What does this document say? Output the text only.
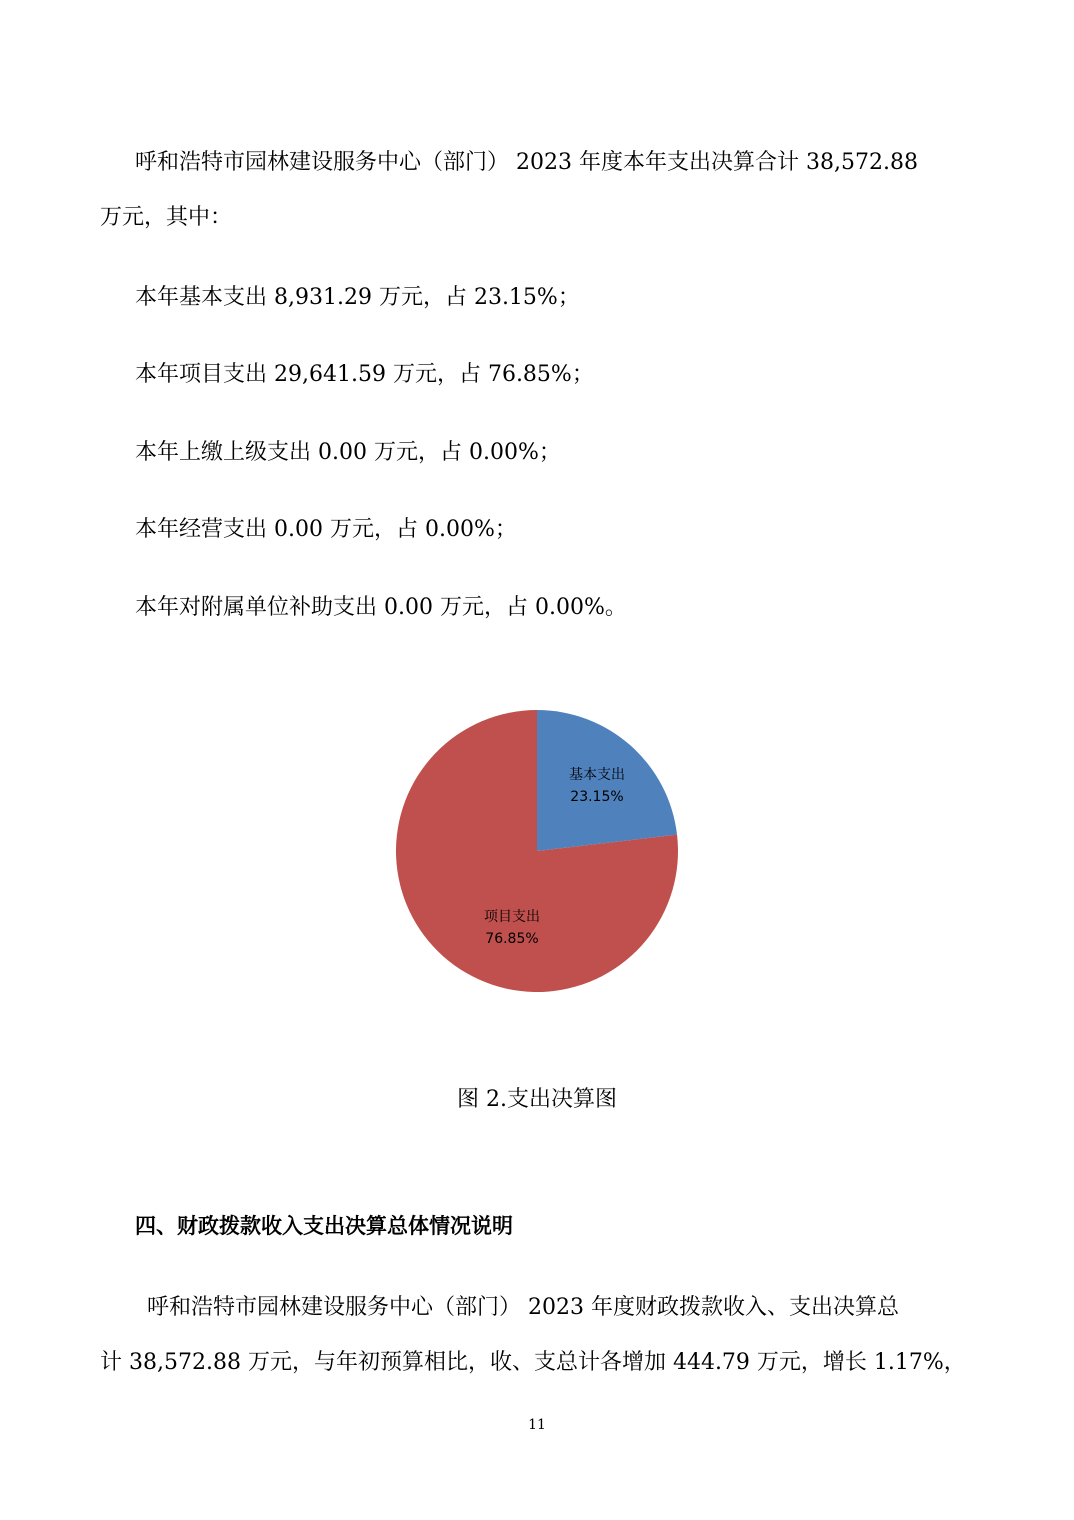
呼和浩特市园林建设服务中心（部门） 2023 年度本年支出决算合计 38,572.88
万元，其中：
本年基本支出 8,931.29 万元，占 23.15%；
本年项目支出 29,641.59 万元，占 76.85%；
本年上缴上级支出 0.00 万元，占 0.00%；
本年经营支出 0.00 万元，占 0.00%；
本年对附属单位补助支出 0.00 万元，占 0.00%。
基本支出
23.15%
项目支出
76.85%
图 2.支出决算图
四、财政拨款收入支出决算总体情况说明
呼和浩特市园林建设服务中心（部门） 2023 年度财政拨款收入、支出决算总
计 38,572.88 万元，与年初预算相比，收、支总计各增加 444.79 万元，增长 1.17%，
11
